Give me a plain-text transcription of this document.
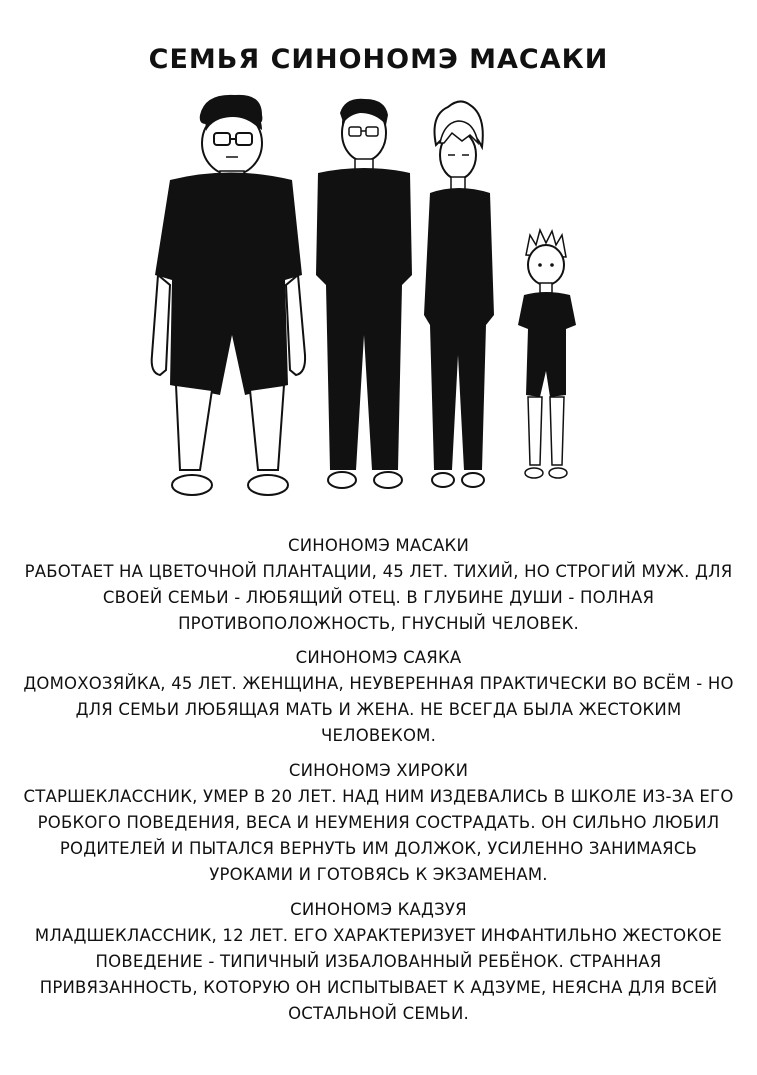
СЕМЬЯ СИНОНОМЭ МАСАКИ
СИНОНОМЭ МАСАКИ
РАБОТАЕТ НА ЦВЕТОЧНОЙ ПЛАНТАЦИИ, 45 ЛЕТ. ТИХИЙ, НО СТРОГИЙ МУЖ. ДЛЯ СВОЕЙ СЕМЬИ - ЛЮБЯЩИЙ ОТЕЦ. В ГЛУБИНЕ ДУШИ - ПОЛНАЯ ПРОТИВОПОЛОЖНОСТЬ, ГНУСНЫЙ ЧЕЛОВЕК.
СИНОНОМЭ САЯКА
ДОМОХОЗЯЙКА, 45 ЛЕТ. ЖЕНЩИНА, НЕУВЕРЕННАЯ ПРАКТИЧЕСКИ ВО ВСЁМ - НО ДЛЯ СЕМЬИ ЛЮБЯЩАЯ МАТЬ И ЖЕНА. НЕ ВСЕГДА БЫЛА ЖЕСТОКИМ ЧЕЛОВЕКОМ.
СИНОНОМЭ ХИРОКИ
СТАРШЕКЛАССНИК, УМЕР В 20 ЛЕТ. НАД НИМ ИЗДЕВАЛИСЬ В ШКОЛЕ ИЗ-ЗА ЕГО РОБКОГО ПОВЕДЕНИЯ, ВЕСА И НЕУМЕНИЯ СОСТРАДАТЬ. ОН СИЛЬНО ЛЮБИЛ РОДИТЕЛЕЙ И ПЫТАЛСЯ ВЕРНУТЬ ИМ ДОЛЖОК, УСИЛЕННО ЗАНИМАЯСЬ УРОКАМИ И ГОТОВЯСЬ К ЭКЗАМЕНАМ.
СИНОНОМЭ КАДЗУЯ
МЛАДШЕКЛАССНИК, 12 ЛЕТ. ЕГО ХАРАКТЕРИЗУЕТ ИНФАНТИЛЬНО ЖЕСТОКОЕ ПОВЕДЕНИЕ - ТИПИЧНЫЙ ИЗБАЛОВАННЫЙ РЕБЁНОК. СТРАННАЯ ПРИВЯЗАННОСТЬ, КОТОРУЮ ОН ИСПЫТЫВАЕТ К АДЗУМЕ, НЕЯСНА ДЛЯ ВСЕЙ ОСТАЛЬНОЙ СЕМЬИ.
